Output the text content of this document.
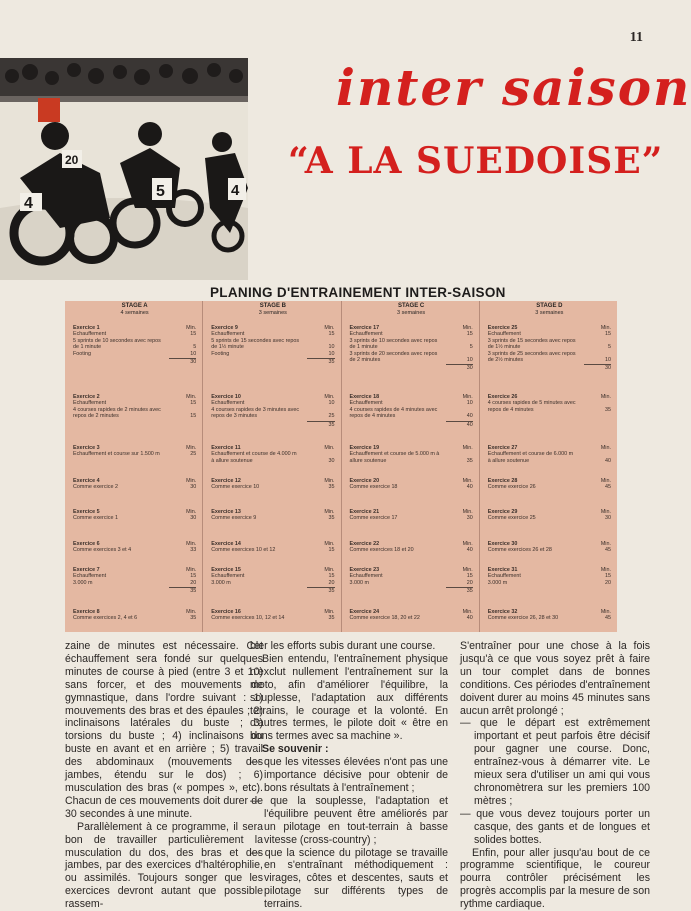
11
4
5
20
4
inter saison
“A LA SUEDOISE”
PLANING D'ENTRAINEMENT INTER-SAISON
STAGE A
4 semaines
Exercice 1	Min.
Echauffement	15
5 sprints de 10 secondes avec repos
de 1 minute	5
Footing	10
30
Exercice 2	Min.
Echauffement	15
4 courses rapides de 2 minutes avec
repos de 2 minutes	15
Exercice 3	Min.
Echauffement et course sur 1.500 m	25
Exercice 4	Min.
Comme exercice 2	30
Exercice 5	Min.
Comme exercice 1	30
Exercice 6	Min.
Comme exercices 3 et 4	33
Exercice 7	Min.
Echauffement	15
3.000 m	20
35
Exercice 8	Min.
Comme exercices 2, 4 et 6	35
STAGE B
3 semaines
Exercice 9	Min.
Echauffement	15
5 sprints de 15 secondes avec repos
de 1½ minute	10
Footing	10
35
Exercice 10	Min.
Echauffement	10
4 courses rapides de 3 minutes avec
repos de 3 minutes	25
35
Exercice 11	Min.
Echauffement et course de 4.000 m
à allure soutenue	30
Exercice 12	Min.
Comme exercice 10	35
Exercice 13	Min.
Comme exercice 9	35
Exercice 14	Min.
Comme exercices 10 et 12	15
Exercice 15	Min.
Echauffement	15
3.000 m	20
35
Exercice 16	Min.
Comme exercices 10, 12 et 14	35
STAGE C
3 semaines
Exercice 17	Min.
Echauffement	15
3 sprints de 10 secondes avec repos
de 1 minute	5
3 sprints de 20 secondes avec repos
de 2 minutes	10
30
Exercice 18	Min.
Echauffement	10
4 courses rapides de 4 minutes avec
repos de 4 minutes	40
40
Exercice 19	Min.
Echauffement et course de 5.000 m à
allure soutenue	35
Exercice 20	Min.
Comme exercice 18	40
Exercice 21	Min.
Comme exercice 17	30
Exercice 22	Min.
Comme exercices 18 et 20	40
Exercice 23	Min.
Echauffement	15
3.000 m	20
35
Exercice 24	Min.
Comme exercice 18, 20 et 22	40
STAGE D
3 semaines
Exercice 25	Min.
Echauffement	15
3 sprints de 15 secondes avec repos
de 1½ minute	5
3 sprints de 25 secondes avec repos
de 2½ minutes	10
30
Exercice 26	Min.
4 courses rapides de 5 minutes avec
repos de 4 minutes	35
Exercice 27	Min.
Echauffement et course de 6.000 m
à allure soutenue	40
Exercice 28	Min.
Comme exercice 26	45
Exercice 29	Min.
Comme exercice 25	30
Exercice 30	Min.
Comme exercices 26 et 28	45
Exercice 31	Min.
Echauffement	15
3.000 m	20
Exercice 32	Min.
Comme exercice 26, 28 et 30	45

zaine de minutes est nécessaire. Cet échauffement sera fondé sur quelques minutes de course à pied (entre 3 et 10) sans forcer, et des mouvements de gymnastique, dans l'ordre suivant : 1) mouvements des bras et des épaules ; 2) inclinaisons latérales du buste ; 3) torsions du buste ; 4) inclinaisons du buste en avant et en arrière ; 5) travail des abdominaux (mouvements des jambes, étendu sur le dos) ; 6) musculation des bras (« pompes », etc). Chacun de ces mouvements doit durer de 30 secondes à une minute.

Parallèlement à ce programme, il sera bon de travailler particulièrement la musculation du dos, des bras et des jambes, par des exercices d'haltérophilie, ou assimilés. Toujours songer que les exercices devront autant que possible rassem-

bler les efforts subis durant une course.

Bien entendu, l'entraînement physique n'exclut nullement l'entraînement sur la moto, afin d'améliorer l'équilibre, la souplesse, l'adaptation aux différents terrains, le courage et la volonté. En d'autres termes, le pilote doit « être en bons termes avec sa machine ».

Se souvenir :

— que les vitesses élevées n'ont pas une importance décisive pour obtenir de bons résultats à l'entraînement ;

— que la souplesse, l'adaptation et l'équilibre peuvent être améliorés par un pilotage en tout-terrain à basse vitesse (cross-country) ;

— que la science du pilotage se travaille en s'entraînant méthodiquement : virages, côtes et descentes, sauts et pilotage sur différents types de terrains.

S'entraîner pour une chose à la fois jusqu'à ce que vous soyez prêt à faire un tour complet dans de bonnes conditions. Ces périodes d'entraînement doivent durer au moins 45 minutes sans aucun arrêt prolongé ;

— que le départ est extrêmement important et peut parfois être décisif pour gagner une course. Donc, entraînez-vous à démarrer vite. Le mieux sera d'utiliser un ami qui vous chronomètrera sur les premiers 100 mètres ;

— que vous devez toujours porter un casque, des gants et de longues et solides bottes.

Enfin, pour aller jusqu'au bout de ce programme scientifique, le coureur pourra contrôler précisément les progrès accomplis par la mesure de son rythme cardiaque.
